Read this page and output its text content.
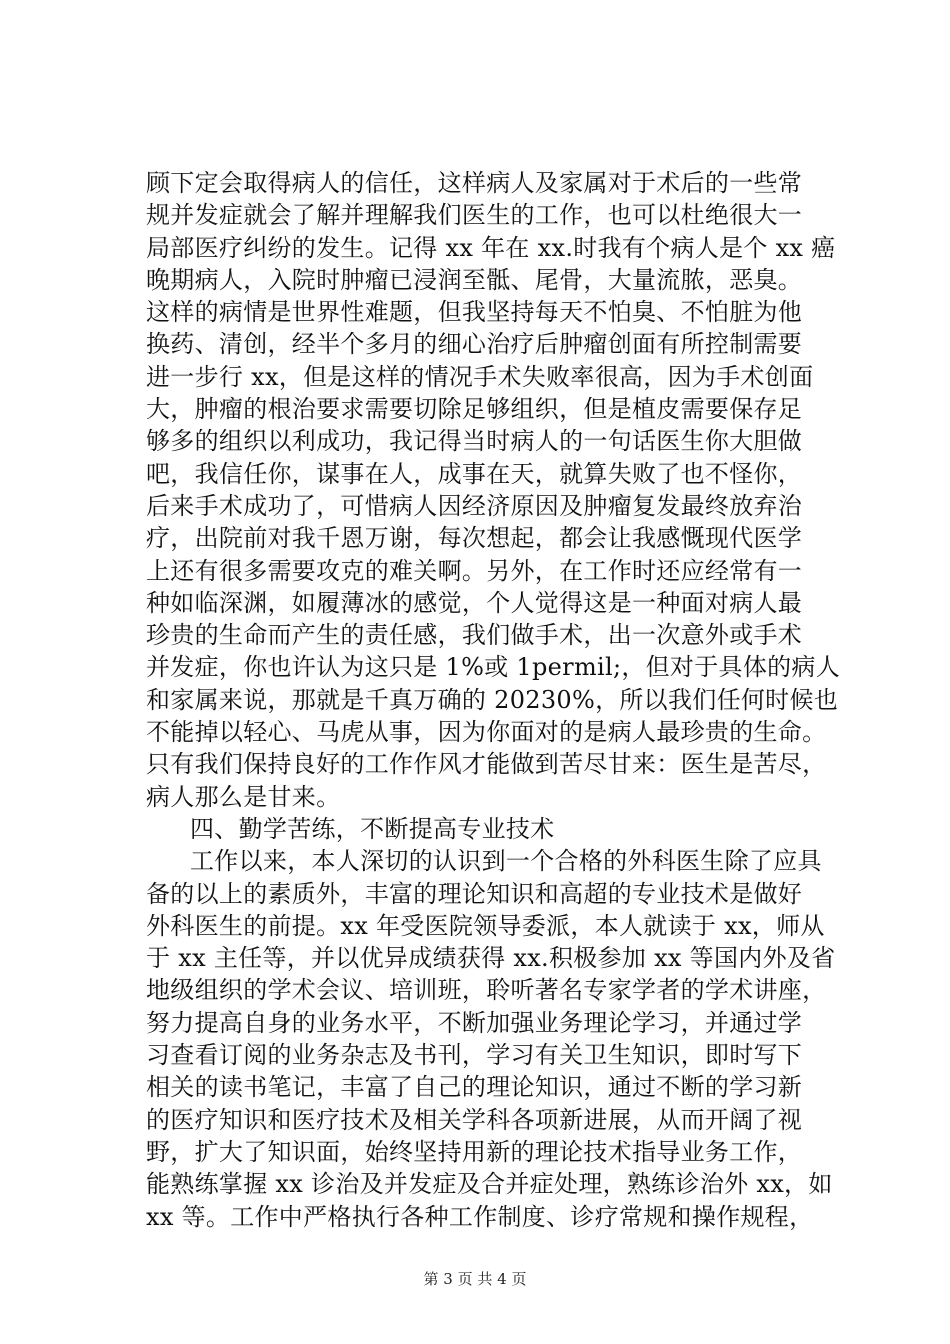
顾下定会取得病人的信任，这样病人及家属对于术后的一些常
规并发症就会了解并理解我们医生的工作，也可以杜绝很大一
局部医疗纠纷的发生。记得 xx 年在 xx.时我有个病人是个 xx 癌
晚期病人，入院时肿瘤已浸润至骶、尾骨，大量流脓，恶臭。
这样的病情是世界性难题，但我坚持每天不怕臭、不怕脏为他
换药、清创，经半个多月的细心治疗后肿瘤创面有所控制需要
进一步行 xx，但是这样的情况手术失败率很高，因为手术创面
大，肿瘤的根治要求需要切除足够组织，但是植皮需要保存足
够多的组织以利成功，我记得当时病人的一句话医生你大胆做
吧，我信任你，谋事在人，成事在天，就算失败了也不怪你，
后来手术成功了，可惜病人因经济原因及肿瘤复发最终放弃治
疗，出院前对我千恩万谢，每次想起，都会让我感慨现代医学
上还有很多需要攻克的难关啊。另外，在工作时还应经常有一
种如临深渊，如履薄冰的感觉，个人觉得这是一种面对病人最
珍贵的生命而产生的责任感，我们做手术，出一次意外或手术
并发症，你也许认为这只是 1%或 1permil;，但对于具体的病人
和家属来说，那就是千真万确的 20230%，所以我们任何时候也
不能掉以轻心、马虎从事，因为你面对的是病人最珍贵的生命。
只有我们保持良好的工作作风才能做到苦尽甘来：医生是苦尽，
病人那么是甘来。
四、勤学苦练，不断提高专业技术
工作以来，本人深切的认识到一个合格的外科医生除了应具
备的以上的素质外，丰富的理论知识和高超的专业技术是做好
外科医生的前提。xx 年受医院领导委派，本人就读于 xx，师从
于 xx 主任等，并以优异成绩获得 xx.积极参加 xx 等国内外及省
地级组织的学术会议、培训班，聆听著名专家学者的学术讲座，
努力提高自身的业务水平，不断加强业务理论学习，并通过学
习查看订阅的业务杂志及书刊，学习有关卫生知识，即时写下
相关的读书笔记，丰富了自己的理论知识，通过不断的学习新
的医疗知识和医疗技术及相关学科各项新进展，从而开阔了视
野，扩大了知识面，始终坚持用新的理论技术指导业务工作，
能熟练掌握 xx 诊治及并发症及合并症处理，熟练诊治外 xx，如
xx 等。工作中严格执行各种工作制度、诊疗常规和操作规程，
第 3 页 共 4 页
